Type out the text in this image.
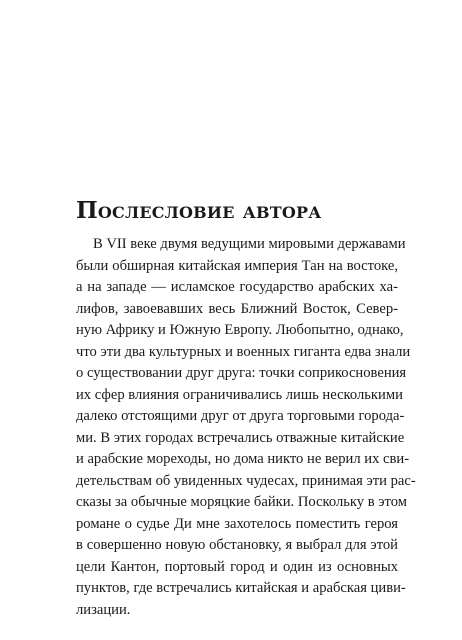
Послесловие автора
В VII веке двумя ведущими мировыми державами
были обширная китайская империя Тан на востоке,
а на западе — исламское государство арабских ха-
лифов, завоевавших весь Ближний Восток, Север-
ную Африку и Южную Европу. Любопытно, однако,
что эти два культурных и военных гиганта едва знали
о существовании друг друга: точки соприкосновения
их сфер влияния ограничивались лишь несколькими
далеко отстоящими друг от друга торговыми города-
ми. В этих городах встречались отважные китайские
и арабские мореходы, но дома никто не верил их сви-
детельствам об увиденных чудесах, принимая эти рас-
сказы за обычные моряцкие байки. Поскольку в этом
романе о судье Ди мне захотелось поместить героя
в совершенно новую обстановку, я выбрал для этой
цели Кантон, портовый город и один из основных
пунктов, где встречались китайская и арабская циви-
лизации.
